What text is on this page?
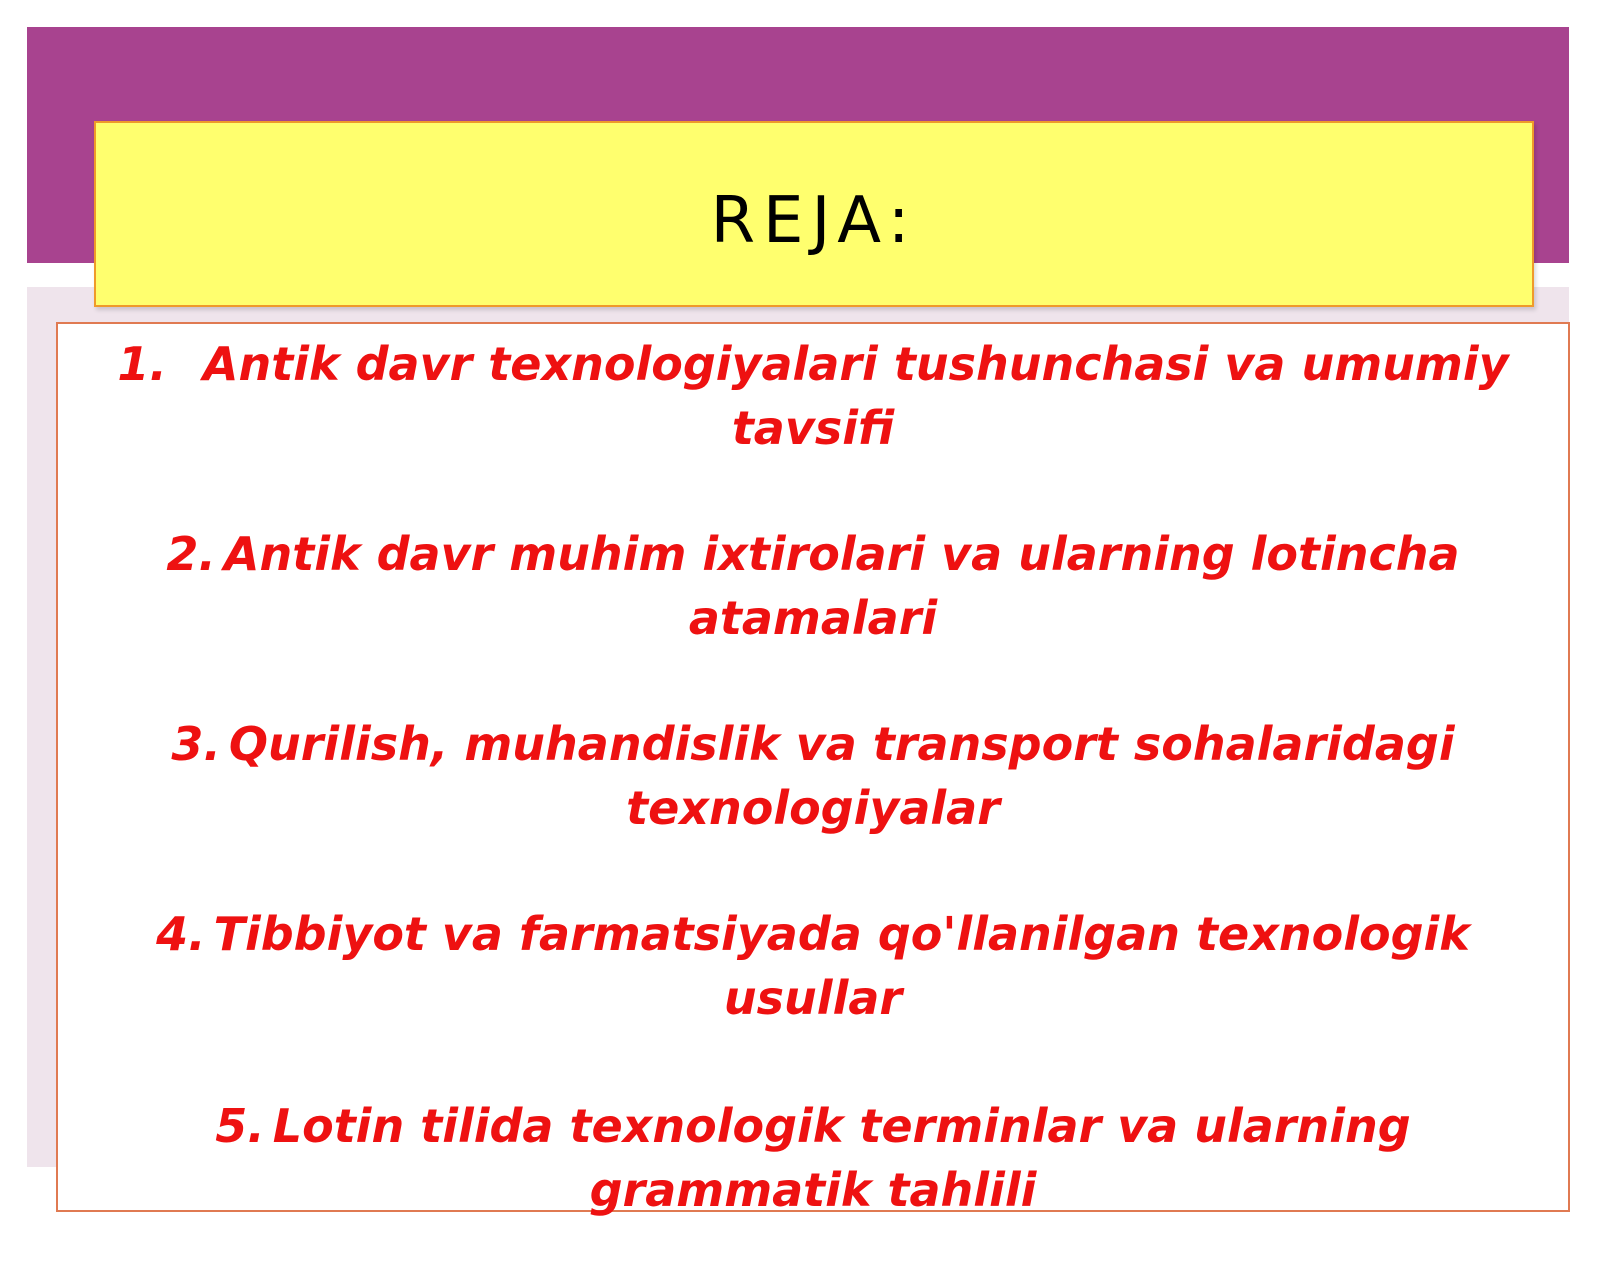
REJA:
1. Antik davr texnologiyalari tushunchasi va umumiy tavsifi
2. Antik davr muhim ixtirolari va ularning lotincha atamalari
3. Qurilish, muhandislik va transport sohalaridagi texnologiyalar
4. Tibbiyot va farmatsiyada qo'llanilgan texnologik usullar
5. Lotin tilida texnologik terminlar va ularning grammatik tahlili
